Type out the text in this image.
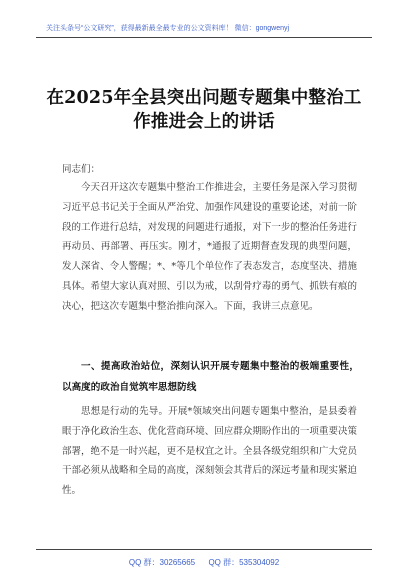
关注头条号“公文研究”，获得最新最全最专业的公文资料库！ 微信：gongwenyj
在2025年全县突出问题专题集中整治工作推进会上的讲话
同志们：

今天召开这次专题集中整治工作推进会，主要任务是深入学习贯彻习近平总书记关于全面从严治党、加强作风建设的重要论述，对前一阶段的工作进行总结，对发现的问题进行通报，对下一步的整治任务进行再动员、再部署、再压实。刚才，*通报了近期督查发现的典型问题，发人深省、令人警醒；*、*等几个单位作了表态发言，态度坚决、措施具体。希望大家认真对照、引以为戒，以刮骨疗毒的勇气、抓铁有痕的决心，把这次专题集中整治推向深入。下面，我讲三点意见。

一、提高政治站位，深刻认识开展专题集中整治的极端重要性，以高度的政治自觉筑牢思想防线

思想是行动的先导。开展*领域突出问题专题集中整治，是县委着眼于净化政治生态、优化营商环境、回应群众期盼作出的一项重要决策部署，绝不是一时兴起，更不是权宜之计。全县各级党组织和广大党员干部必须从战略和全局的高度，深刻领会其背后的深远考量和现实紧迫性。

QQ 群：30265665      QQ 群：535304092
